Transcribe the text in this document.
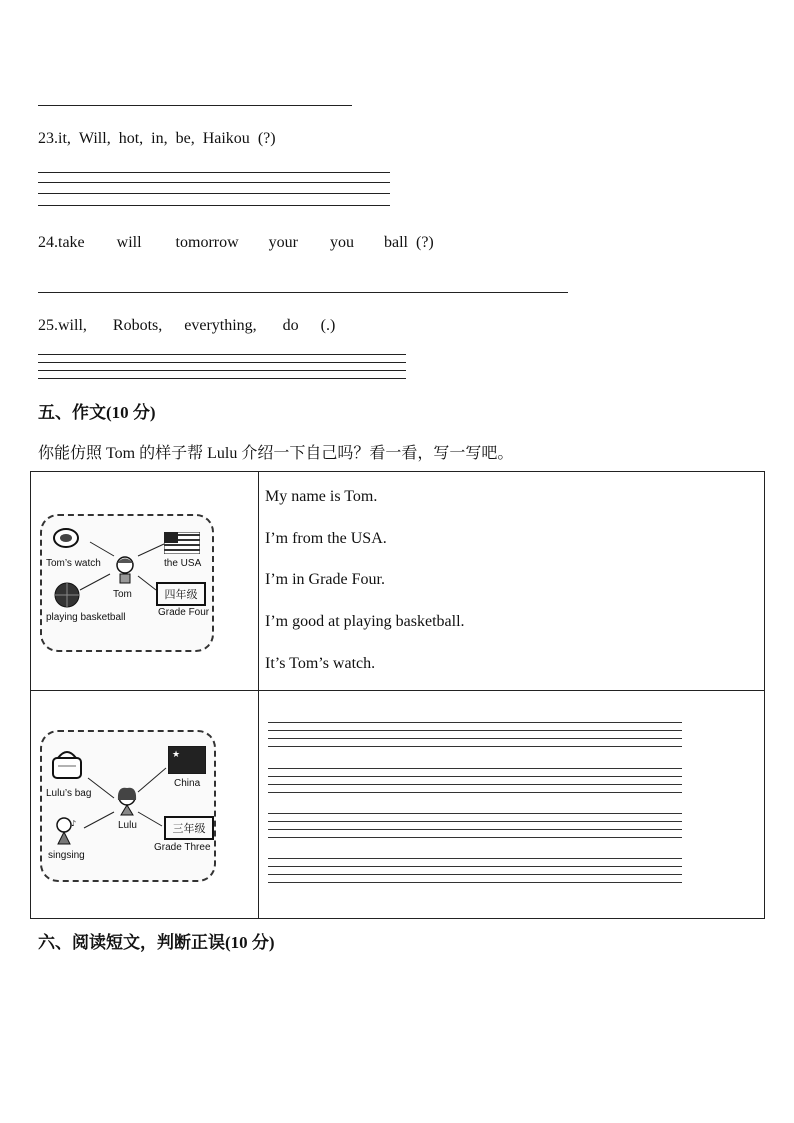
23.it, Will, hot, in, be, Haikou (?)
24.take will tomorrow your you ball (?)
25.will, Robots, everything, do (.)
五、作文(10 分)
你能仿照 Tom 的样子帮 Lulu 介绍一下自己吗？看一看，写一写吧。

Tom’s watch	the USA
Tom
playing basketball
四年级
Grade Four
My name is Tom.
I’m from the USA.
I’m in Grade Four.
I’m good at playing basketball.
It’s Tom’s watch.
Lulu’s bag
★
China
Lulu
♪
singsing
三年级
Grade Three
六、阅读短文，判断正误(10 分)
